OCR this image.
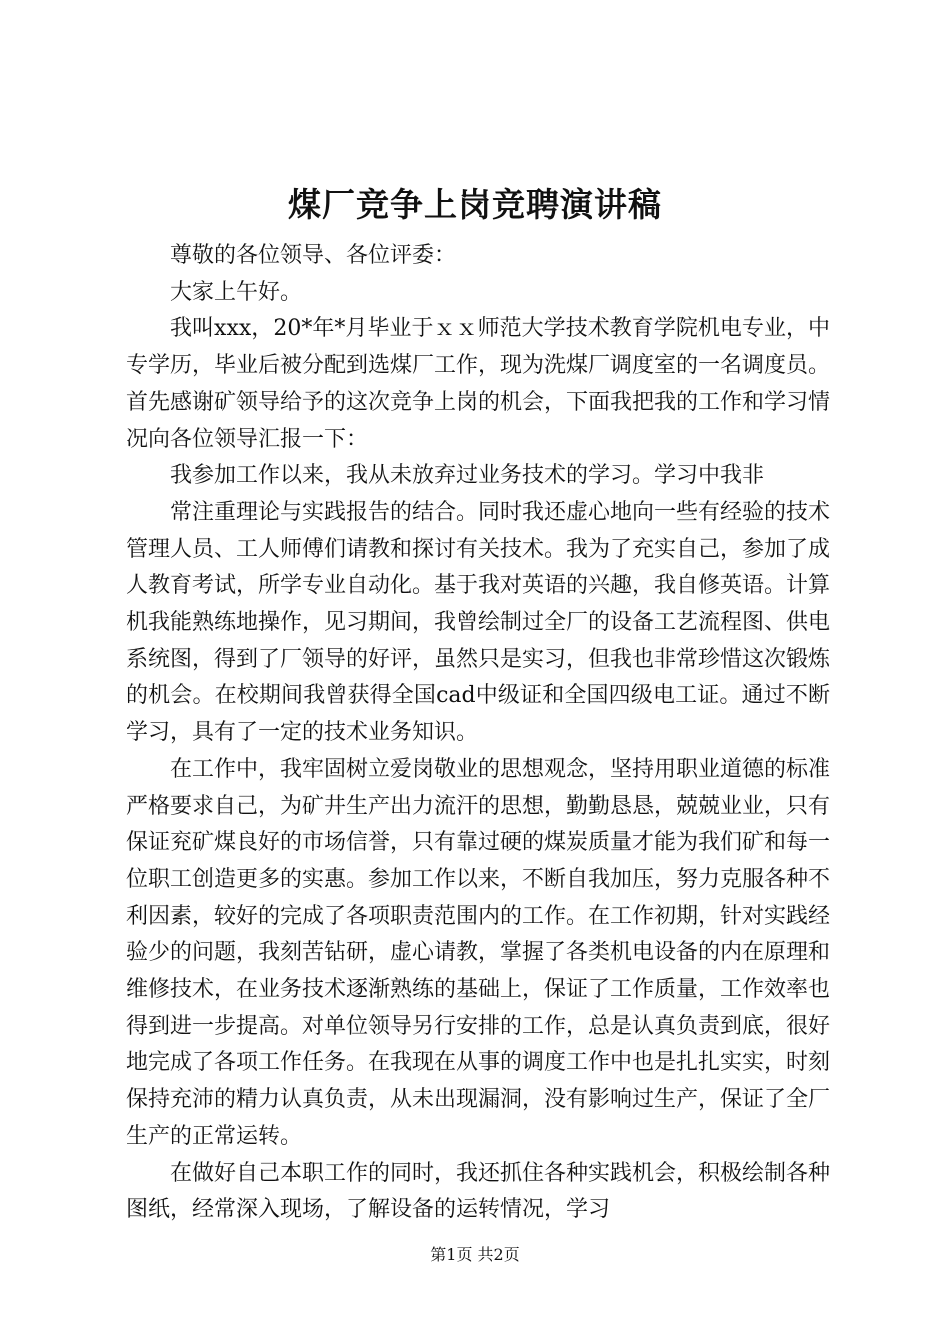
煤厂竞争上岗竞聘演讲稿

尊敬的各位领导、各位评委：

大家上午好。

我叫xxx，20*年*月毕业于ｘｘ师范大学技术教育学院机电专业，中专学历，毕业后被分配到选煤厂工作，现为洗煤厂调度室的一名调度员。首先感谢矿领导给予的这次竞争上岗的机会，下面我把我的工作和学习情况向各位领导汇报一下：

我参加工作以来，我从未放弃过业务技术的学习。学习中我非

常注重理论与实践报告的结合。同时我还虚心地向一些有经验的技术管理人员、工人师傅们请教和探讨有关技术。我为了充实自己，参加了成人教育考试，所学专业自动化。基于我对英语的兴趣，我自修英语。计算机我能熟练地操作，见习期间，我曾绘制过全厂的设备工艺流程图、供电系统图，得到了厂领导的好评，虽然只是实习，但我也非常珍惜这次锻炼的机会。在校期间我曾获得全国cad中级证和全国四级电工证。通过不断学习，具有了一定的技术业务知识。

在工作中，我牢固树立爱岗敬业的思想观念，坚持用职业道德的标准严格要求自己，为矿井生产出力流汗的思想，勤勤恳恳，兢兢业业，只有保证兖矿煤良好的市场信誉，只有靠过硬的煤炭质量才能为我们矿和每一位职工创造更多的实惠。参加工作以来，不断自我加压，努力克服各种不利因素，较好的完成了各项职责范围内的工作。在工作初期，针对实践经验少的问题，我刻苦钻研，虚心请教，掌握了各类机电设备的内在原理和维修技术，在业务技术逐渐熟练的基础上，保证了工作质量，工作效率也得到进一步提高。对单位领导另行安排的工作，总是认真负责到底，很好地完成了各项工作任务。在我现在从事的调度工作中也是扎扎实实，时刻保持充沛的精力认真负责，从未出现漏洞，没有影响过生产，保证了全厂生产的正常运转。

在做好自己本职工作的同时，我还抓住各种实践机会，积极绘制各种图纸，经常深入现场，了解设备的运转情况，学习

第1页 共2页
